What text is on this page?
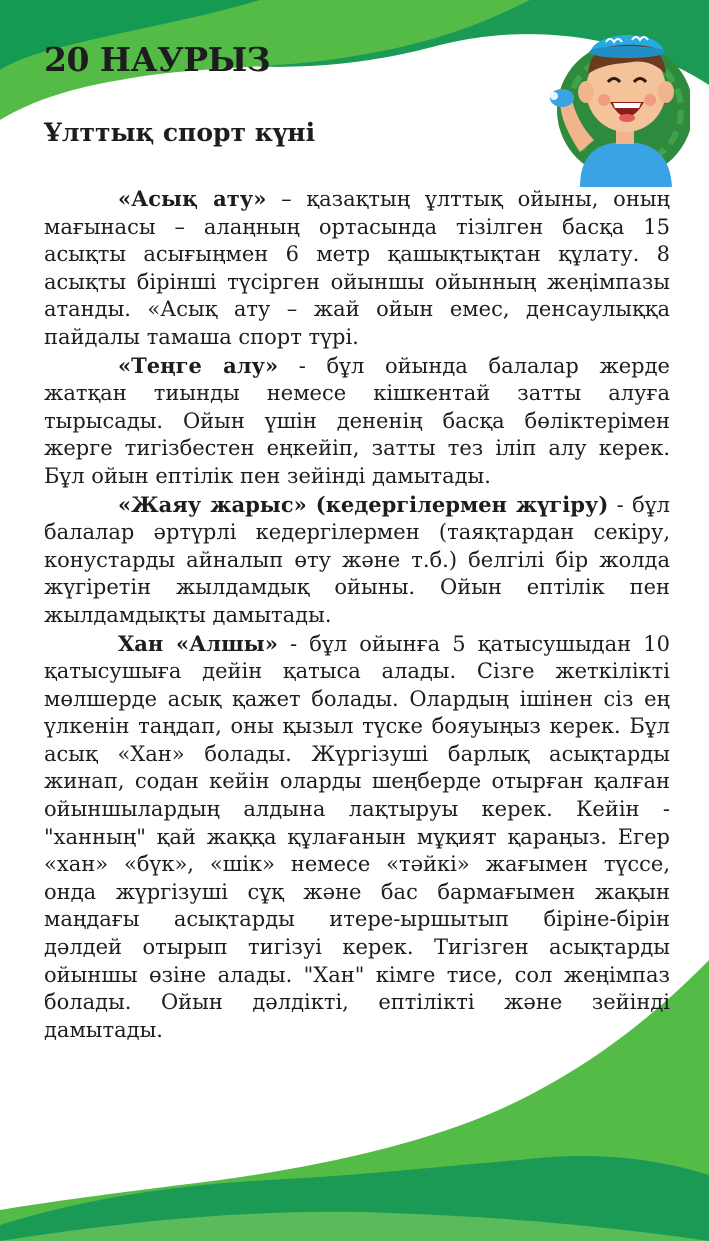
20 НАУРЫЗ
Ұлттық спорт күні

«Асық ату» – қазақтың ұлттық ойыны, оның мағынасы – алаңның ортасында тізілген басқа 15 асықты асығыңмен 6 метр қашықтықтан құлату. 8 асықты бірінші түсірген ойыншы ойынның жеңімпазы атанды. «Асық ату – жай ойын емес, денсаулыққа пайдалы тамаша спорт түрі.

«Теңге алу» - бұл ойында балалар жерде жатқан тиынды немесе кішкентай затты алуға тырысады. Ойын үшін дененің басқа бөліктерімен жерге тигізбестен еңкейіп, затты тез іліп алу керек. Бұл ойын ептілік пен зейінді дамытады.

«Жаяу жарыс» (кедергілермен жүгіру) - бұл балалар әртүрлі кедергілермен (таяқтардан секіру, конустарды айналып өту және т.б.) белгілі бір жолда жүгіретін жылдамдық ойыны. Ойын ептілік пен жылдамдықты дамытады.

Хан «Алшы» - бұл ойынға 5 қатысушыдан 10 қатысушыға дейін қатыса алады. Сізге жеткілікті мөлшерде асық қажет болады. Олардың ішінен сіз ең үлкенін таңдап, оны қызыл түске бояуыңыз керек. Бұл асық «Хан» болады. Жүргізуші барлық асықтарды жинап, содан кейін оларды шеңберде отырған қалған ойыншылардың алдына лақтыруы керек. Кейін - "ханның" қай жаққа құлағанын мұқият қараңыз. Егер «хан» «бүк», «шік» немесе «тәйкі» жағымен түссе, онда жүргізуші сұқ және бас бармағымен жақын маңдағы асықтарды итере-ыршытып біріне-бірін дәлдей отырып тигізуі керек. Тигізген асықтарды ойыншы өзіне алады. "Хан" кімге тисе, сол жеңімпаз болады. Ойын дәлдікті, ептілікті және зейінді дамытады.
